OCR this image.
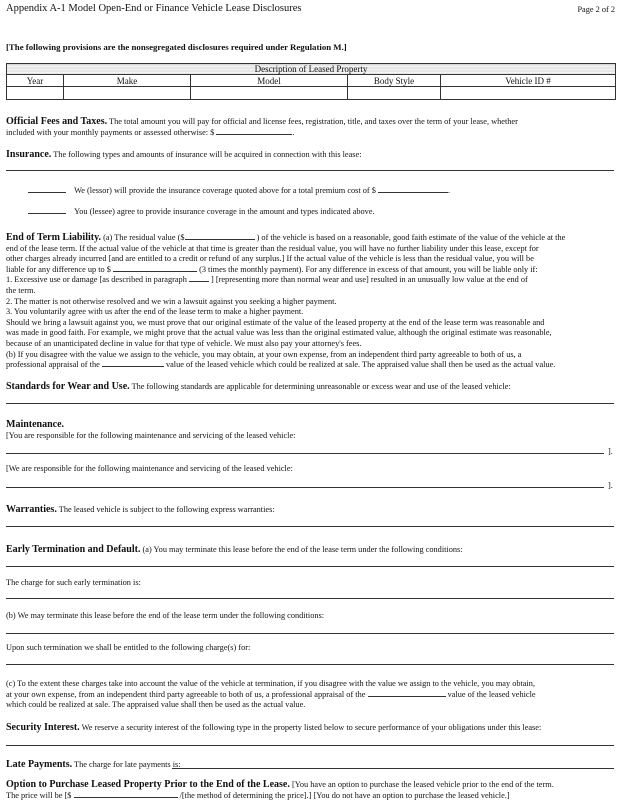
Appendix A-1 Model Open-End or Finance Vehicle Lease Disclosures	Page 2 of 2
[The following provisions are the nonsegregated disclosures required under Regulation M.]
Description of Leased Property				
Year	Make	Model	Body Style	Vehicle ID #

Official Fees and Taxes. The total amount you will pay for official and license fees, registration, title, and taxes over the term of your lease, whether
included with your monthly payments or assessed otherwise: $	.
Insurance. The following types and amounts of insurance will be acquired in connection with this lease:
We (lessor) will provide the insurance coverage quoted above for a total premium cost of $	.
You (lessee) agree to provide insurance coverage in the amount and types indicated above.
End of Term Liability. (a) The residual value ($	) of the vehicle is based on a reasonable, good faith estimate of the value of the vehicle at the
end of the lease term. If the actual value of the vehicle at that time is greater than the residual value, you will have no further liability under this lease, except for
other charges already incurred [and are entitled to a credit or refund of any surplus.] If the actual value of the vehicle is less than the residual value, you will be
liable for any difference up to $	(3 times the monthly payment). For any difference in excess of that amount, you will be liable only if:
1. Excessive use or damage [as described in paragraph	] [representing more than normal wear and use] resulted in an unusually low value at the end of
the term.
2. The matter is not otherwise resolved and we win a lawsuit against you seeking a higher payment.
3. You voluntarily agree with us after the end of the lease term to make a higher payment.
Should we bring a lawsuit against you, we must prove that our original estimate of the value of the leased property at the end of the lease term was reasonable and
was made in good faith. For example, we might prove that the actual value was less than the original estimated value, although the original estimate was reasonable,
because of an unanticipated decline in value for that type of vehicle. We must also pay your attorney's fees.
(b) If you disagree with the value we assign to the vehicle, you may obtain, at your own expense, from an independent third party agreeable to both of us, a
professional appraisal of the	value of the leased vehicle which could be realized at sale. The appraised value shall then be used as the actual value.
Standards for Wear and Use. The following standards are applicable for determining unreasonable or excess wear and use of the leased vehicle:
Maintenance.
[You are responsible for the following maintenance and servicing of the leased vehicle:
].
[We are responsible for the following maintenance and servicing of the leased vehicle:
].
Warranties. The leased vehicle is subject to the following express warranties:
Early Termination and Default. (a) You may terminate this lease before the end of the lease term under the following conditions:
The charge for such early termination is:
(b) We may terminate this lease before the end of the lease term under the following conditions:
Upon such termination we shall be entitled to the following charge(s) for:
(c) To the extent these charges take into account the value of the vehicle at termination, if you disagree with the value we assign to the vehicle, you may obtain,
at your own expense, from an independent third party agreeable to both of us, a professional appraisal of the	value of the leased vehicle
which could be realized at sale. The appraised value shall then be used as the actual value.
Security Interest. We reserve a security interest of the following type in the property listed below to secure performance of your obligations under this lease:
Late Payments. The charge for late payments is:
Option to Purchase Leased Property Prior to the End of the Lease. [You have an option to purchase the leased vehicle prior to the end of the term.
The price will be [$	/[the method of determining the price].] [You do not have an option to purchase the leased vehicle.]
